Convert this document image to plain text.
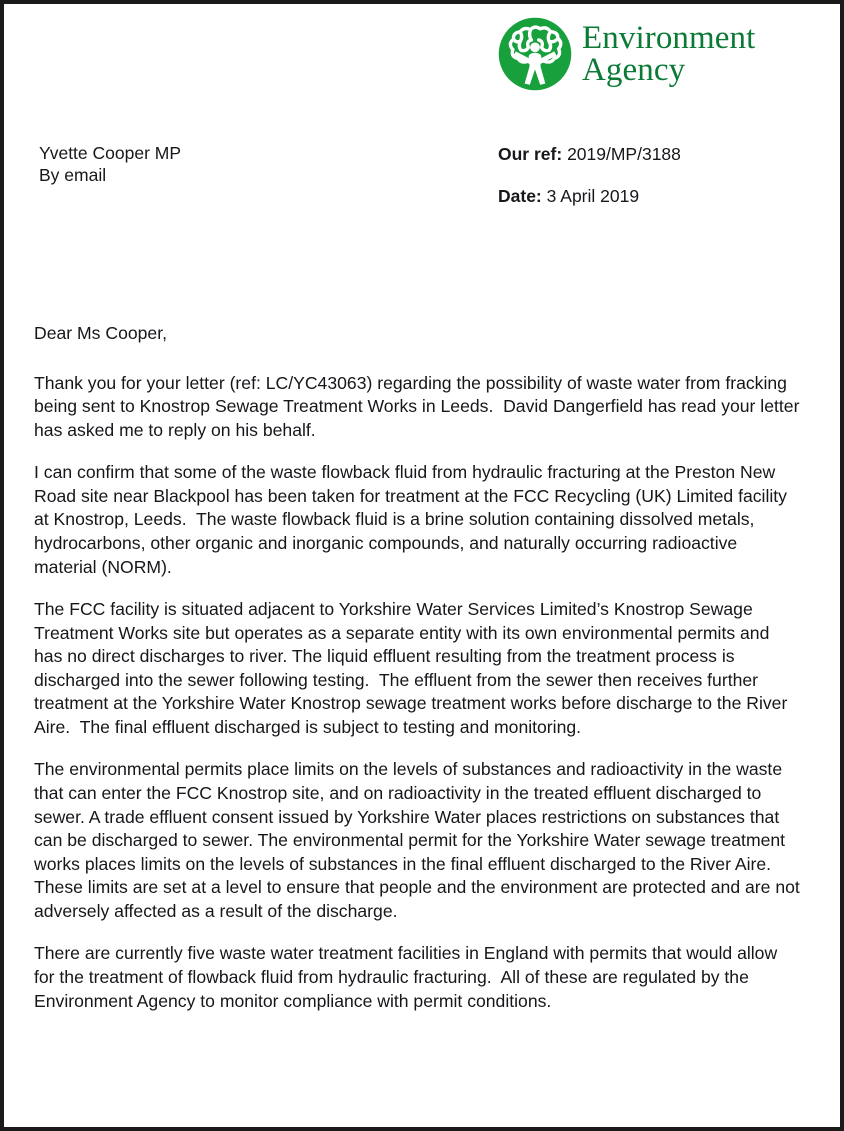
Environment
Agency
Yvette Cooper MP
By email
Our ref: 2019/MP/3188
Date: 3 April 2019

Dear Ms Cooper,

Thank you for your letter (ref: LC/YC43063) regarding the possibility of waste water from fracking being sent to Knostrop Sewage Treatment Works in Leeds.  David Dangerfield has read your letter has asked me to reply on his behalf.

I can confirm that some of the waste flowback fluid from hydraulic fracturing at the Preston New Road site near Blackpool has been taken for treatment at the FCC Recycling (UK) Limited facility at Knostrop, Leeds.  The waste flowback fluid is a brine solution containing dissolved metals, hydrocarbons, other organic and inorganic compounds, and naturally occurring radioactive material (NORM).

The FCC facility is situated adjacent to Yorkshire Water Services Limited’s Knostrop Sewage Treatment Works site but operates as a separate entity with its own environmental permits and has no direct discharges to river. The liquid effluent resulting from the treatment process is discharged into the sewer following testing.  The effluent from the sewer then receives further treatment at the Yorkshire Water Knostrop sewage treatment works before discharge to the River Aire.  The final effluent discharged is subject to testing and monitoring.

The environmental permits place limits on the levels of substances and radioactivity in the waste that can enter the FCC Knostrop site, and on radioactivity in the treated effluent discharged to sewer. A trade effluent consent issued by Yorkshire Water places restrictions on substances that can be discharged to sewer. The environmental permit for the Yorkshire Water sewage treatment works places limits on the levels of substances in the final effluent discharged to the River Aire.  These limits are set at a level to ensure that people and the environment are protected and are not adversely affected as a result of the discharge.

There are currently five waste water treatment facilities in England with permits that would allow for the treatment of flowback fluid from hydraulic fracturing.  All of these are regulated by the Environment Agency to monitor compliance with permit conditions.
